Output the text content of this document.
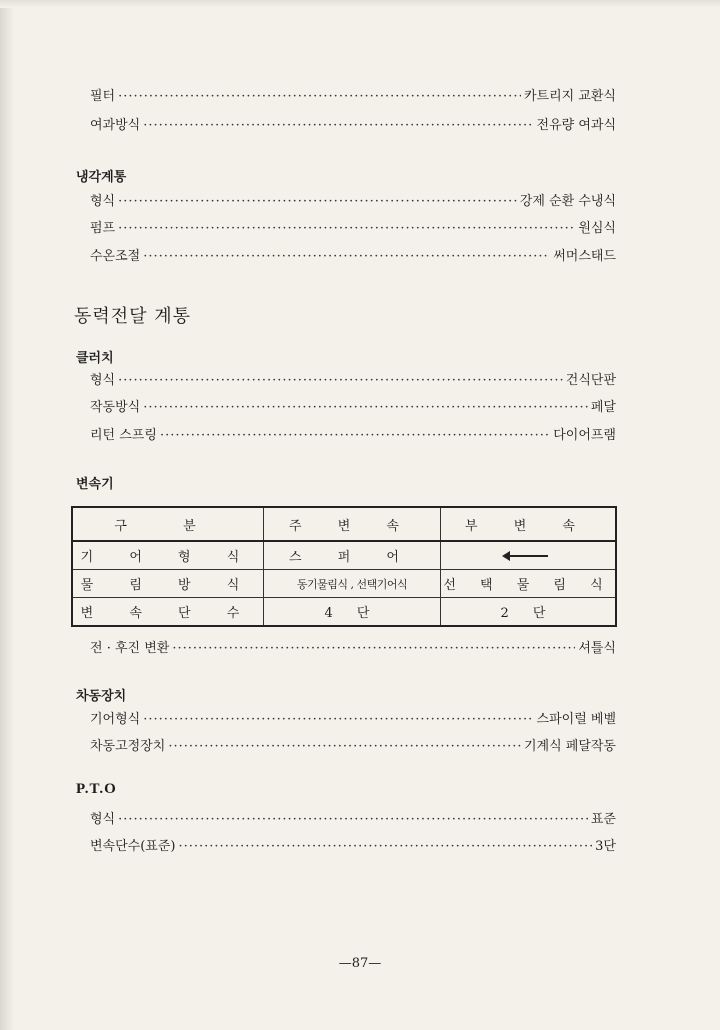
필터 ·····	카트리지 교환식
여과방식 ·····	전유량 여과식
냉각계통
형식 ·····	강제 순환 수냉식
펌프 ·····	원심식
수온조절 ·····	써머스태드
동력전달 계통
클러치
형식 ·····	건식단판
작동방식 ·····	페달
리턴 스프링 ·····	다이어프램
변속기
구 분	주 변 속	부 변 속
기 어 형 식	스 퍼 어	
물 림 방 식	동기물림식 , 선택기어식	선 택 물 림 식
변 속 단 수	4 단	2 단
전 · 후진 변환 ·····	셔틀식
차동장치
기어형식 ·····	스파이럴 베벨
차동고정장치 ·····	기계식 페달작동
P.T.O
형식 ·····	표준
변속단수(표준) ·····	3단
—87—
